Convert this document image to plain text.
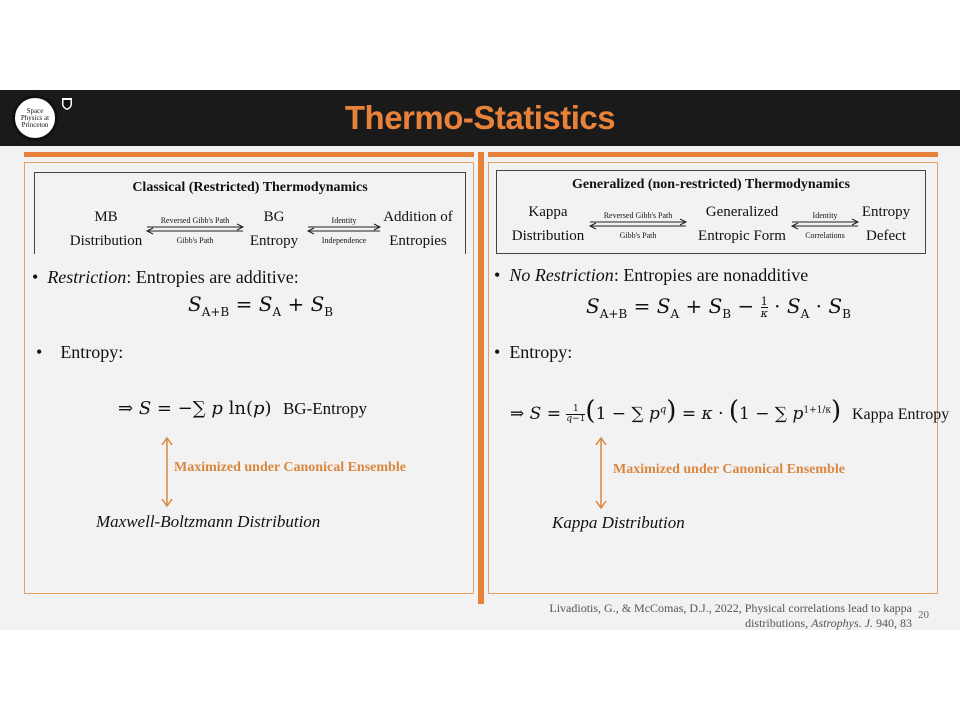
Space
Physics at
Princeton	Thermo-Statistics
Classical (Restricted) Thermodynamics
MB
Distribution
BG
Entropy
Addition of
Entropies
Reversed Gibb's Path
Gibb's Path
Identity
Independence
•  Restriction: Entropies are additive:
$S_{A+B} = S_A + S_B$
•    Entropy:
⇒ S = −∑ p ln(p)  BG-Entropy
Maximized under Canonical Ensemble
Maxwell-Boltzmann Distribution
Generalized (non-restricted) Thermodynamics
Kappa
Distribution
Generalized
Entropic Form
Entropy
Defect
Reversed Gibb's Path
Gibb's Path
Identity
Correlations
•  No Restriction: Entropies are nonadditive
$S_{A+B} = S_A + S_B - \frac{1}{\kappa} \cdot S_A \cdot S_B$
•  Entropy:
⇒ S = 1
q−1(1 − ∑ $p^q) = \kappa \cdot (1$ − ∑ $p^{1+1/\kappa}$) Kappa Entropy
Maximized under Canonical Ensemble
Kappa Distribution
Livadiotis, G., & McComas, D.J., 2022, Physical correlations lead to kappa
distributions, Astrophys. J. 940, 83
20
